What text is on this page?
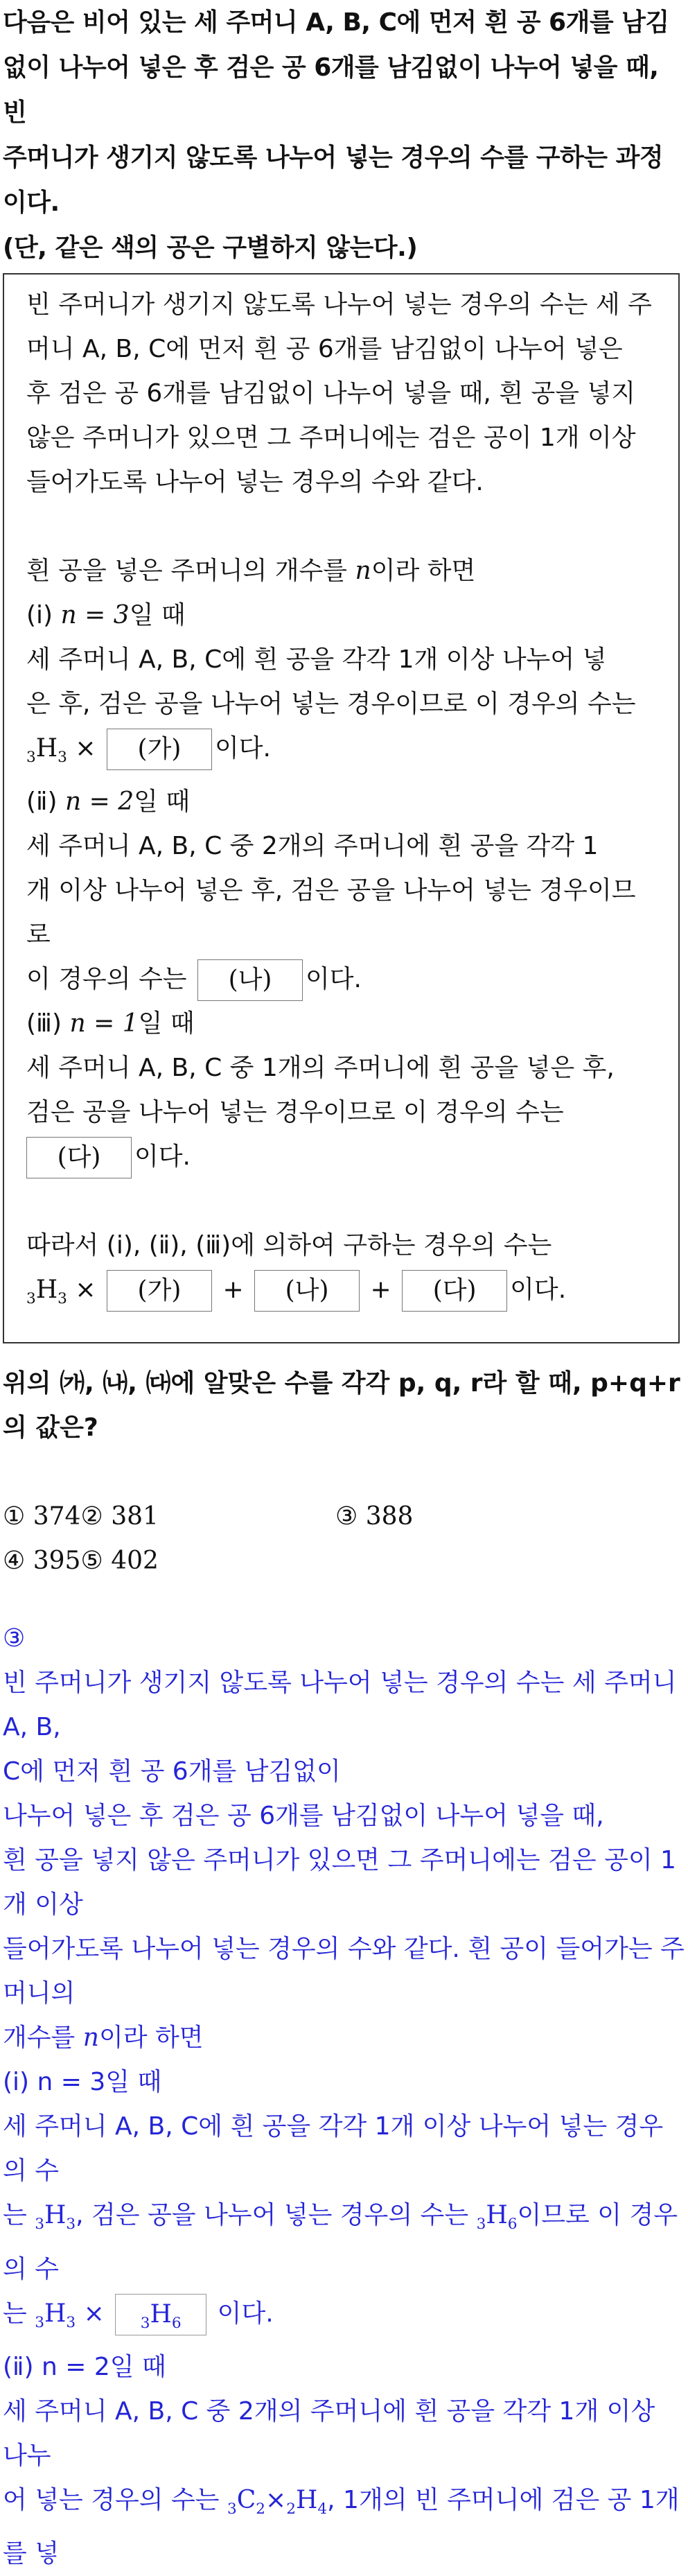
다음은 비어 있는 세 주머니 A, B, C에 먼저 흰 공 6개를 남김
없이 나누어 넣은 후 검은 공 6개를 남김없이 나누어 넣을 때, 빈
주머니가 생기지 않도록 나누어 넣는 경우의 수를 구하는 과정이다.
(단, 같은 색의 공은 구별하지 않는다.)
빈 주머니가 생기지 않도록 나누어 넣는 경우의 수는 세 주
머니 A, B, C에 먼저 흰 공 6개를 남김없이 나누어 넣은
후 검은 공 6개를 남김없이 나누어 넣을 때, 흰 공을 넣지
않은 주머니가 있으면 그 주머니에는 검은 공이 1개 이상
들어가도록 나누어 넣는 경우의 수와 같다.
흰 공을 넣은 주머니의 개수를 n이라 하면
(ⅰ) n = 3일 때
세 주머니 A, B, C에 흰 공을 각각 1개 이상 나누어 넣
은 후, 검은 공을 나누어 넣는 경우이므로 이 경우의 수는
$_3H_3$ × (가) 이다.
(ⅱ) n = 2일 때
세 주머니 A, B, C 중 2개의 주머니에 흰 공을 각각 1
개 이상 나누어 넣은 후, 검은 공을 나누어 넣는 경우이므로
이 경우의 수는 (나) 이다.
(ⅲ) n = 1일 때
세 주머니 A, B, C 중 1개의 주머니에 흰 공을 넣은 후,
검은 공을 나누어 넣는 경우이므로 이 경우의 수는
(다) 이다.
따라서 (ⅰ), (ⅱ), (ⅲ)에 의하여 구하는 경우의 수는
$_3H_3$ × (가) + (나) + (다) 이다.
위의 ㈎, ㈏, ㈐에 알맞은 수를 각각 p, q, r라 할 때, p+q+r
의 값은?
① 374② 381	③ 388
④ 395⑤ 402
③
빈 주머니가 생기지 않도록 나누어 넣는 경우의 수는 세 주머니 A, B,
C에 먼저 흰 공 6개를 남김없이
나누어 넣은 후 검은 공 6개를 남김없이 나누어 넣을 때,
흰 공을 넣지 않은 주머니가 있으면 그 주머니에는 검은 공이 1개 이상
들어가도록 나누어 넣는 경우의 수와 같다. 흰 공이 들어가는 주머니의
개수를 n이라 하면
(ⅰ) n = 3일 때
세 주머니 A, B, C에 흰 공을 각각 1개 이상 나누어 넣는 경우의 수
는 $_3H_3$, 검은 공을 나누어 넣는 경우의 수는 $_3H_6$이므로 이 경우의 수
는 $_3H_3 \times _3H_6$ 이다.
(ⅱ) n = 2일 때
세 주머니 A, B, C 중 2개의 주머니에 흰 공을 각각 1개 이상 나누
어 넣는 경우의 수는 $_3C_2\times_2H_4$, 1개의 빈 주머니에 검은 공 1개를 넣
